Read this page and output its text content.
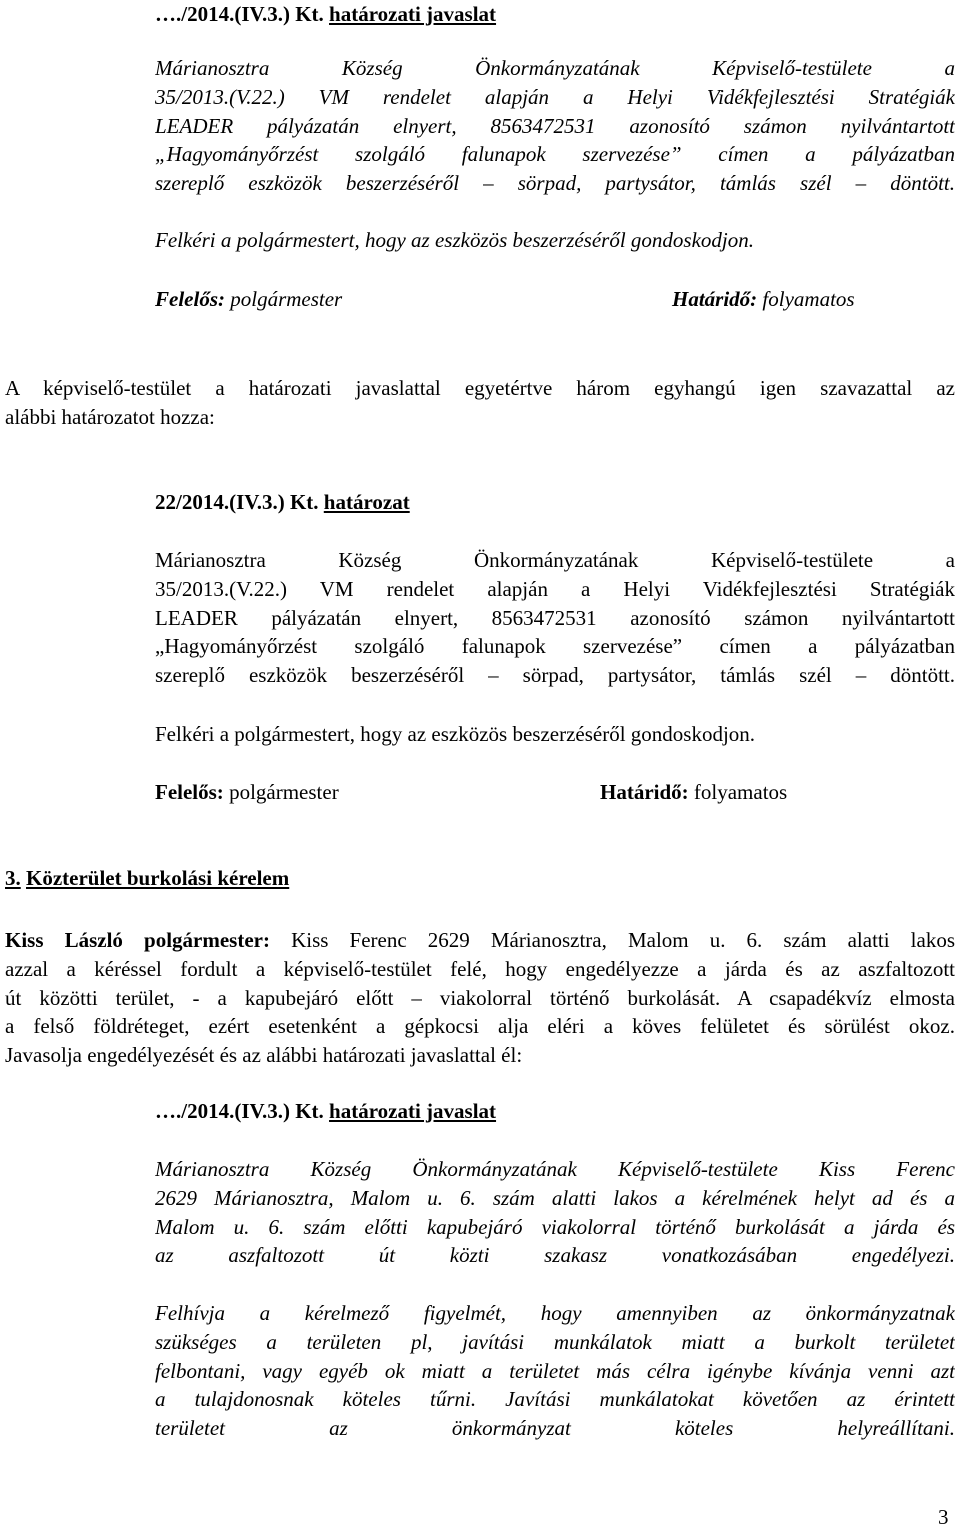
…./2014.(IV.3.) Kt. határozati javaslat
Márianosztra Község Önkormányzatának Képviselő-testülete a
35/2013.(V.22.) VM rendelet alapján a Helyi Vidékfejlesztési Stratégiák
LEADER pályázatán elnyert, 8563472531 azonosító számon nyilvántartott
„Hagyományőrzést szolgáló falunapok szervezése” címen a pályázatban
szereplő eszközök beszerzéséről – sörpad, partysátor, támlás szél – döntött.
Felkéri a polgármestert, hogy az eszközös beszerzéséről gondoskodjon.
Felelős: polgármester	Határidő: folyamatos
A képviselő-testület a határozati javaslattal egyetértve három egyhangú igen szavazattal az
alábbi határozatot hozza:
22/2014.(IV.3.) Kt. határozat
Márianosztra Község Önkormányzatának Képviselő-testülete a
35/2013.(V.22.) VM rendelet alapján a Helyi Vidékfejlesztési Stratégiák
LEADER pályázatán elnyert, 8563472531 azonosító számon nyilvántartott
„Hagyományőrzést szolgáló falunapok szervezése” címen a pályázatban
szereplő eszközök beszerzéséről – sörpad, partysátor, támlás szél – döntött.
Felkéri a polgármestert, hogy az eszközös beszerzéséről gondoskodjon.
Felelős: polgármester	Határidő: folyamatos
3. Közterület burkolási kérelem
Kiss László polgármester: Kiss Ferenc 2629 Márianosztra, Malom u. 6. szám alatti lakos
azzal a kéréssel fordult a képviselő-testület felé, hogy engedélyezze a járda és az aszfaltozott
út közötti terület, - a kapubejáró előtt – viakolorral történő burkolását. A csapadékvíz elmosta
a felső földréteget, ezért esetenként a gépkocsi alja eléri a köves felületet és sörülést okoz.
Javasolja engedélyezését és az alábbi határozati javaslattal él:
…./2014.(IV.3.) Kt. határozati javaslat
Márianosztra Község Önkormányzatának Képviselő-testülete Kiss Ferenc
2629 Márianosztra, Malom u. 6. szám alatti lakos a kérelmének helyt ad és a
Malom u. 6. szám előtti kapubejáró viakolorral történő burkolását a járda és
az aszfaltozott út közti szakasz vonatkozásában engedélyezi.
Felhívja a kérelmező figyelmét, hogy amennyiben az önkormányzatnak
szükséges a területen pl, javítási munkálatok miatt a burkolt területet
felbontani, vagy egyéb ok miatt a területet más célra igénybe kívánja venni azt
a tulajdonosnak köteles tűrni. Javítási munkálatokat követően az érintett
területet az önkormányzat köteles helyreállítani.
3
